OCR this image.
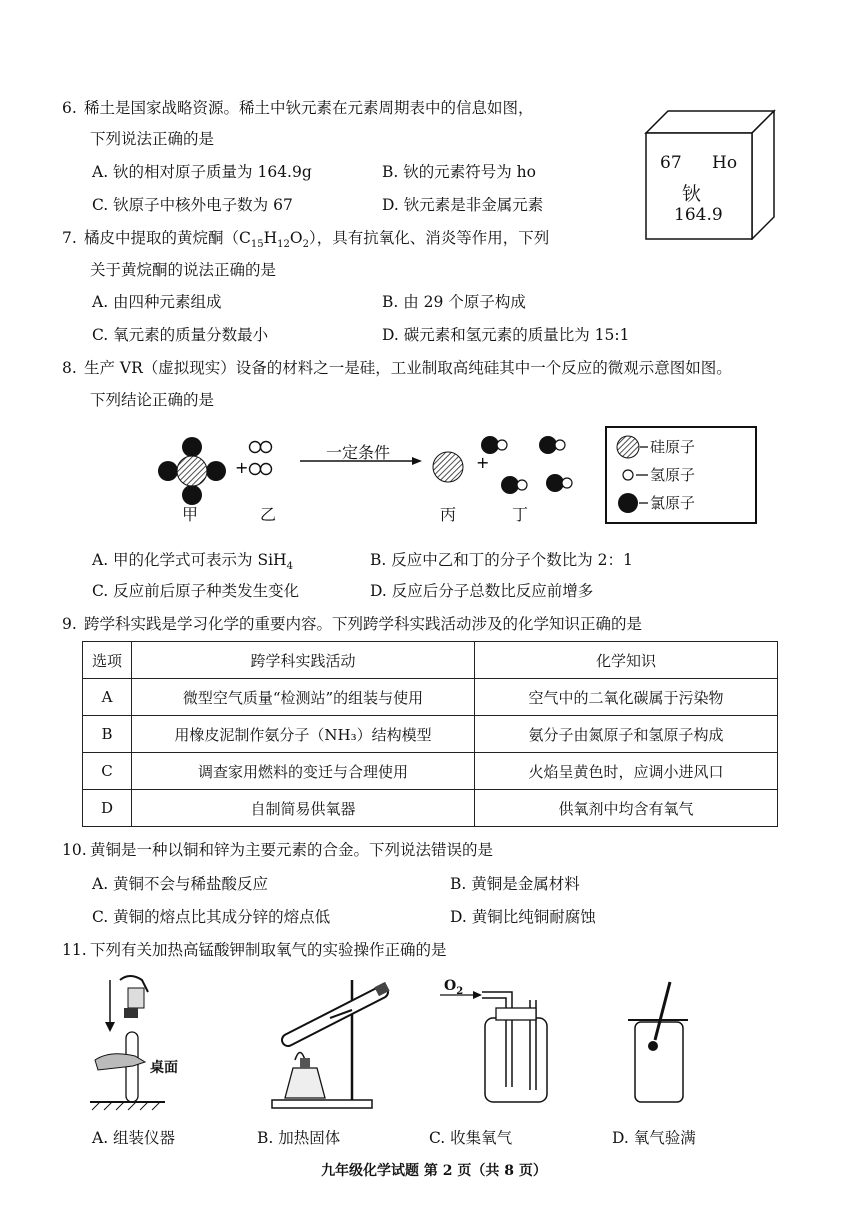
6. 稀土是国家战略资源。稀土中钬元素在元素周期表中的信息如图，
下列说法正确的是
A. 钬的相对原子质量为 164.9g	B. 钬的元素符号为 ho
C. 钬原子中核外电子数为 67	D. 钬元素是非金属元素
67 Ho
钬
164.9
7. 橘皮中提取的黄烷酮$(C_{15}H_{12}O_2)$，具有抗氧化、消炎等作用，下列
关于黄烷酮的说法正确的是
A. 由四种元素组成	B. 由 29 个原子构成
C. 氧元素的质量分数最小	D. 碳元素和氢元素的质量比为 15:1
8. 生产 VR（虚拟现实）设备的材料之一是硅，工业制取高纯硅其中一个反应的微观示意图如图。
下列结论正确的是
+	+
一定条件
甲	乙	丙	丁
硅原子
氢原子
氯原子
A. 甲的化学式可表示为 SiH$_4$	B. 反应中乙和丁的分子个数比为 2：1
C. 反应前后原子种类发生变化	D. 反应后分子总数比反应前增多
9. 跨学科实践是学习化学的重要内容。下列跨学科实践活动涉及的化学知识正确的是
选项	跨学科实践活动	化学知识
A	微型空气质量“检测站”的组装与使用	空气中的二氧化碳属于污染物
B	用橡皮泥制作氨分子（NH₃）结构模型	氨分子由氮原子和氢原子构成
C	调查家用燃料的变迁与合理使用	火焰呈黄色时，应调小进风口
D	自制简易供氧器	供氧剂中均含有氧气
10. 黄铜是一种以铜和锌为主要元素的合金。下列说法错误的是
A. 黄铜不会与稀盐酸反应	B. 黄铜是金属材料
C. 黄铜的熔点比其成分锌的熔点低	D. 黄铜比纯铜耐腐蚀
11. 下列有关加热高锰酸钾制取氧气的实验操作正确的是
桌面
$O_2$
A. 组装仪器	B. 加热固体	C. 收集氧气	D. 氧气验满
九年级化学试题 第 2 页（共 8 页）
